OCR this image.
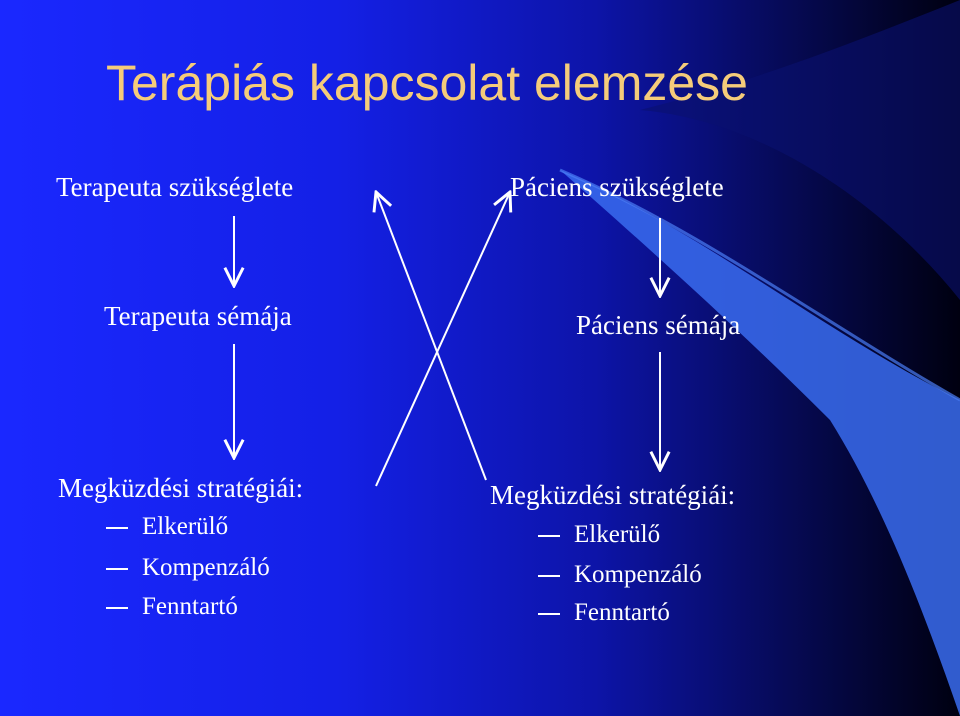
Terápiás kapcsolat elemzése
Terapeuta szükséglete
Terapeuta sémája
Megküzdési stratégiái:
Elkerülő
Kompenzáló
Fenntartó
Páciens szükséglete
Páciens sémája
Megküzdési stratégiái:
Elkerülő
Kompenzáló
Fenntartó
